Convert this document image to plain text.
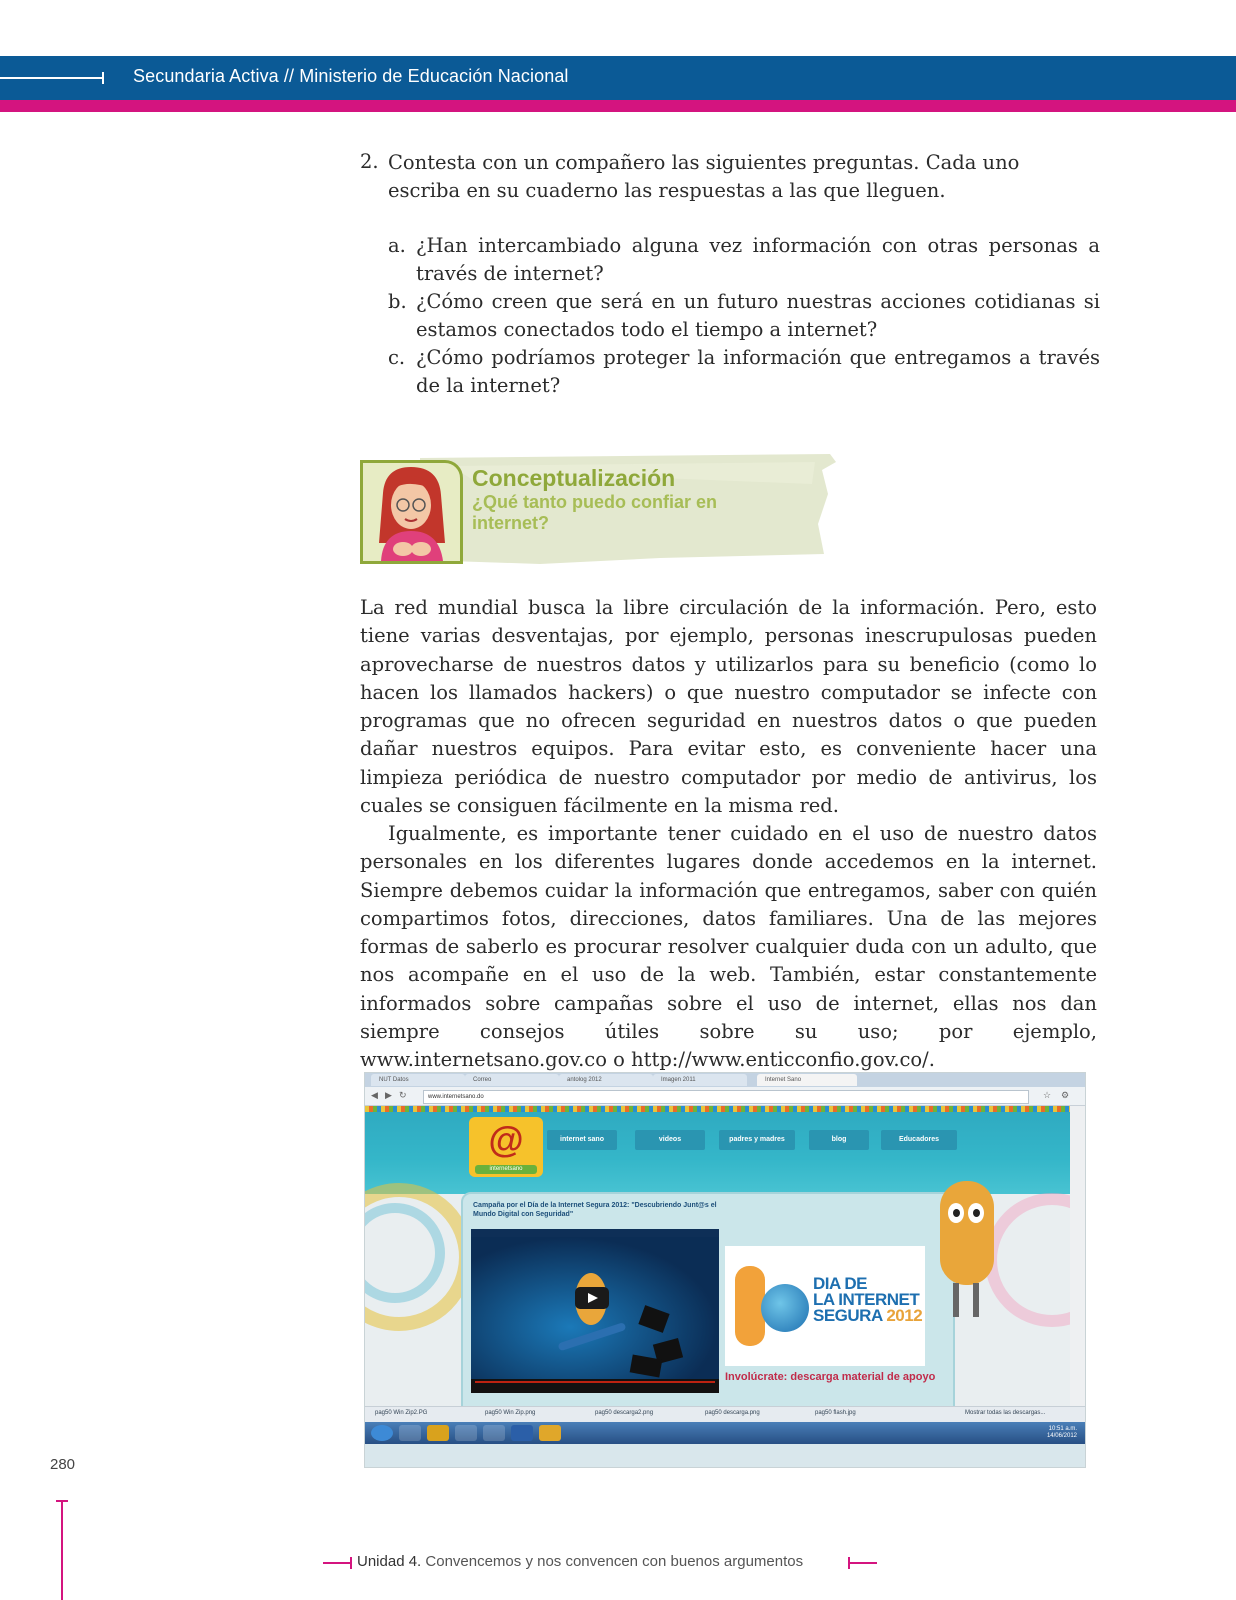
Secundaria Activa // Ministerio de Educación Nacional
2. Contesta con un compañero las siguientes preguntas. Cada uno escriba en su cuaderno las respuestas a las que lleguen.
a. ¿Han intercambiado alguna vez información con otras personas a través de internet?
b. ¿Cómo creen que será en un futuro nuestras acciones cotidianas si estamos conectados todo el tiempo a internet?
c. ¿Cómo podríamos proteger la información que entregamos a través de la internet?
Conceptualización
¿Qué tanto puedo confiar en internet?
La red mundial busca la libre circulación de la información. Pero, esto tiene varias desventajas, por ejemplo, personas inescrupulosas pueden aprovecharse de nuestros datos y utilizarlos para su beneficio (como lo hacen los llamados hackers) o que nuestro computador se infecte con programas que no ofrecen seguridad en nuestros datos o que pueden dañar nuestros equipos. Para evitar esto, es conveniente hacer una limpieza periódica de nuestro computador por medio de antivirus, los cuales se consiguen fácilmente en la misma red.
Igualmente, es importante tener cuidado en el uso de nuestro datos personales en los diferentes lugares donde accedemos en la internet. Siempre debemos cuidar la información que entregamos, saber con quién compartimos fotos, direcciones, datos familiares. Una de las mejores formas de saberlo es procurar resolver cualquier duda con un adulto, que nos acompañe en el uso de la web. También, estar constantemente informados sobre campañas sobre el uso de internet, ellas nos dan siempre consejos útiles sobre su uso; por ejemplo, www.internetsano.gov.co o http://www.enticconfio.gov.co/.
NUT Datos	Correo	antolog 2012	Imagen 2011	Internet Sano
◀ ▶ ↻	www.internetsano.do	☆ ⚙
@
internetsano
internet sano	videos	padres y madres	blog	Educadores
Campaña por el Día de la Internet Segura 2012: "Descubriendo Junt@s el Mundo Digital con Seguridad"
DIA DE
LA INTERNET
SEGURA 2012
Involúcrate: descarga material de apoyo
pag50 Win Zip2.PG	pag50 Win Zip.png	pag50 descarga2.png	pag50 descarga.png	pag50 flash.jpg	Mostrar todas las descargas...
10:51 a.m. 14/06/2012
280
Unidad 4. Convencemos y nos convencen con buenos argumentos
